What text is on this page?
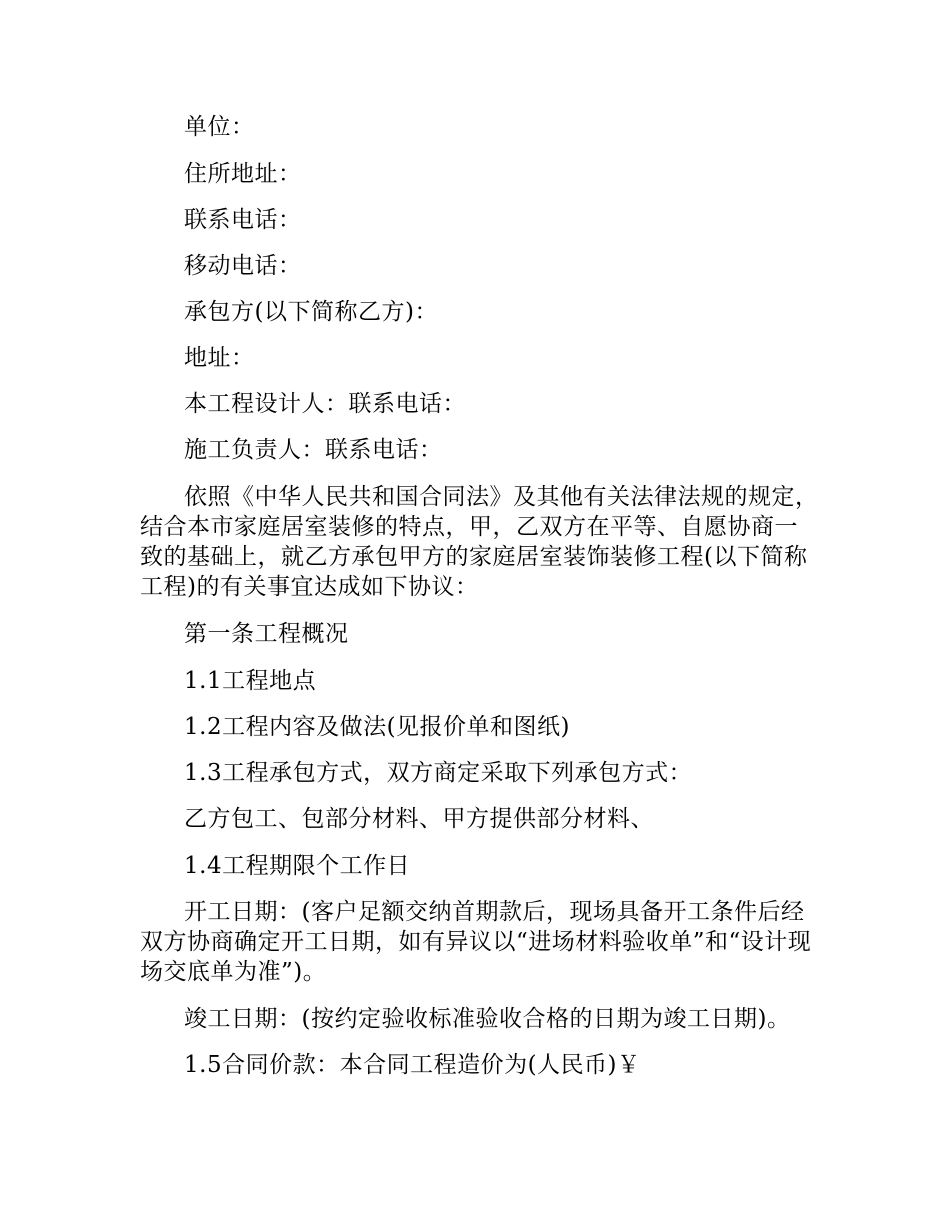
单位：
住所地址：
联系电话：
移动电话：
承包方(以下简称乙方)：
地址：
本工程设计人：联系电话：
施工负责人：联系电话：
依照《中华人民共和国合同法》及其他有关法律法规的规定，结合本市家庭居室装修的特点，甲，乙双方在平等、自愿协商一致的基础上，就乙方承包甲方的家庭居室装饰装修工程(以下简称工程)的有关事宜达成如下协议：
第一条工程概况
1.1工程地点
1.2工程内容及做法(见报价单和图纸)
1.3工程承包方式，双方商定采取下列承包方式：
乙方包工、包部分材料、甲方提供部分材料、
1.4工程期限个工作日
开工日期：(客户足额交纳首期款后，现场具备开工条件后经双方协商确定开工日期，如有异议以“进场材料验收单”和“设计现场交底单为准”)。
竣工日期：(按约定验收标准验收合格的日期为竣工日期)。
1.5合同价款：本合同工程造价为(人民币)￥
